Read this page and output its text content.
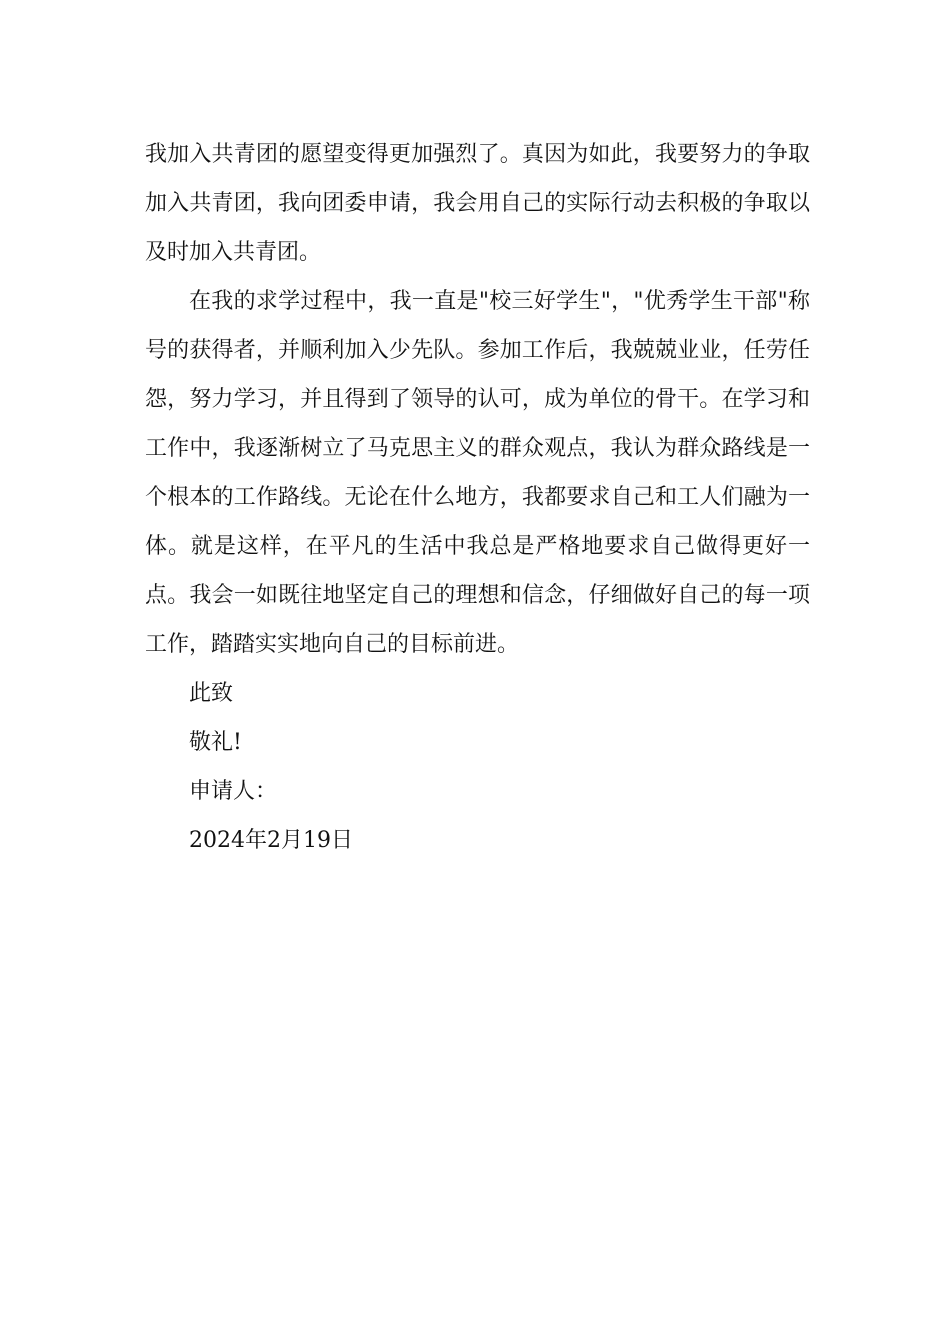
我加入共青团的愿望变得更加强烈了。真因为如此，我要努力的争取加入共青团，我向团委申请，我会用自己的实际行动去积极的争取以及时加入共青团。

在我的求学过程中，我一直是"校三好学生"，"优秀学生干部"称号的获得者，并顺利加入少先队。参加工作后，我兢兢业业，任劳任怨，努力学习，并且得到了领导的认可，成为单位的骨干。在学习和工作中，我逐渐树立了马克思主义的群众观点，我认为群众路线是一个根本的工作路线。无论在什么地方，我都要求自己和工人们融为一体。就是这样，在平凡的生活中我总是严格地要求自己做得更好一点。我会一如既往地坚定自己的理想和信念，仔细做好自己的每一项工作，踏踏实实地向自己的目标前进。

此致

敬礼!

申请人：

2024年2月19日
